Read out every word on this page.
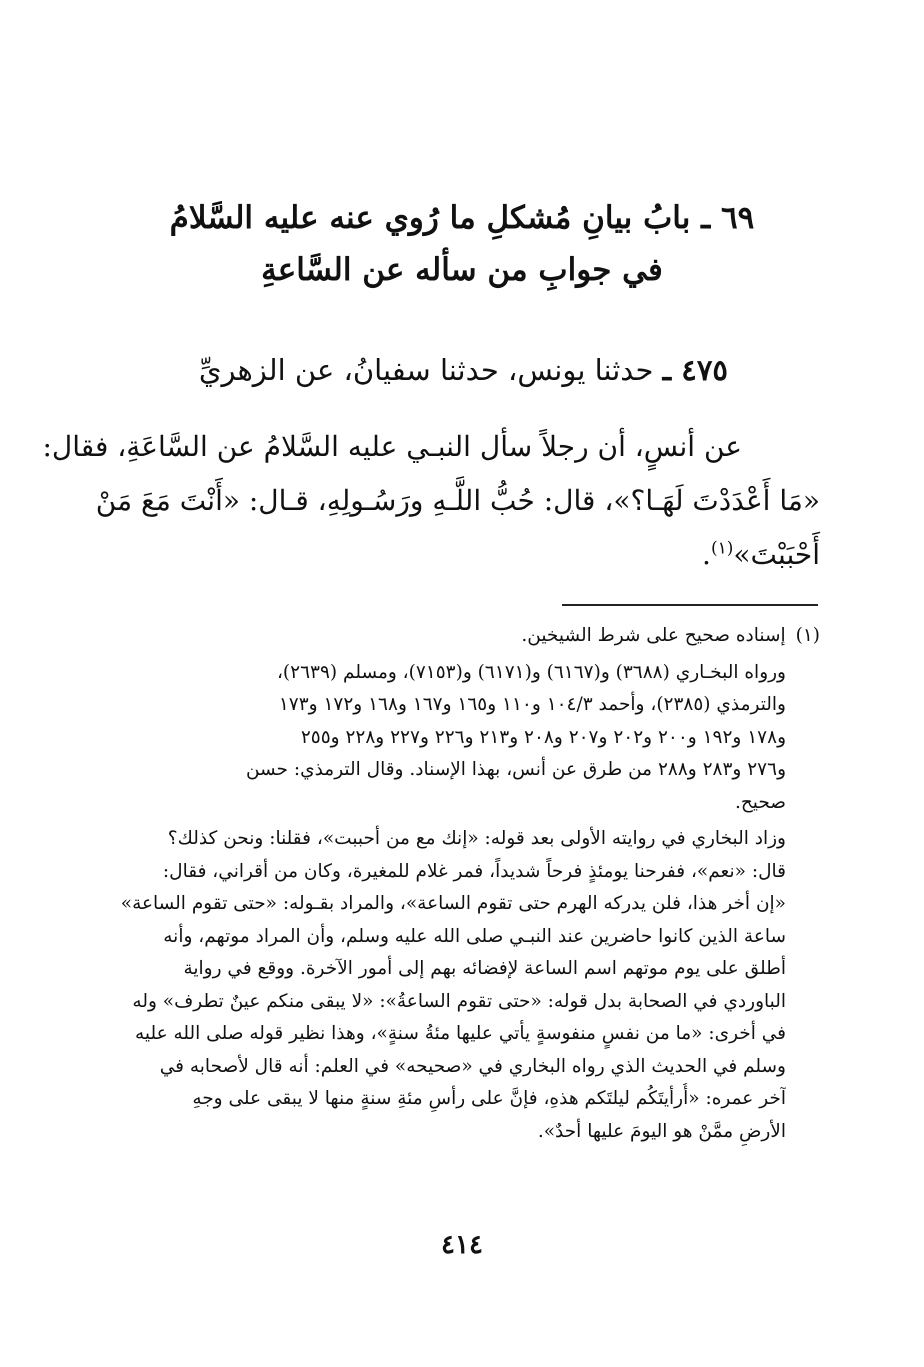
٦٩ ـ بابُ بيانِ مُشكلِ ما رُوي عنه عليه السَّلامُ
في جوابِ من سأله عن السَّاعةِ
٤٧٥ ـ حدثنا يونس، حدثنا سفيانُ، عن الزهريِّ
عن أنسٍ، أن رجلاً سأل النبـي عليه السَّلامُ عن السَّاعَةِ، فقال:
«مَا أَعْدَدْتَ لَهَـا؟»، قال: حُبُّ اللَّـهِ ورَسُـولِهِ، قـال: «أَنْتَ مَعَ مَنْ
أَحْبَبْتَ»$^{(١)}$.
(١)إسناده صحيح على شرط الشيخين.
ورواه البخـاري (٣٦٨٨) و(٦١٦٧) و(٦١٧١) و(٧١٥٣)، ومسلم (٢٦٣٩)،
والترمذي (٢٣٨٥)، وأحمد ١٠٤/٣ و١١٠ و١٦٥ و١٦٧ و١٦٨ و١٧٢ و١٧٣
و١٧٨ و١٩٢ و٢٠٠ و٢٠٢ و٢٠٧ و٢٠٨ و٢١٣ و٢٢٦ و٢٢٧ و٢٢٨ و٢٥٥
و٢٧٦ و٢٨٣ و٢٨٨ من طرق عن أنس، بهذا الإسناد. وقال الترمذي: حسن
صحيح.
وزاد البخاري في روايته الأولى بعد قوله: «إنك مع من أحببت»، فقلنا: ونحن كذلك؟
قال: «نعم»، ففرحنا يومئذٍ فرحاً شديداً، فمر غلام للمغيرة، وكان من أقراني، فقال:
«إن أخر هذا، فلن يدركه الهرم حتى تقوم الساعة»، والمراد بقـوله: «حتى تقوم الساعة»
ساعة الذين كانوا حاضرين عند النبـي صلى الله عليه وسلم، وأن المراد موتهم، وأنه
أطلق على يوم موتهم اسم الساعة لإفضائه بهم إلى أمور الآخرة. ووقع في رواية
الباوردي في الصحابة بدل قوله: «حتى تقوم الساعةُ»: «لا يبقى منكم عينٌ تطرف» وله
في أخرى: «ما من نفسٍ منفوسةٍ يأتي عليها مئةُ سنةٍ»، وهذا نظير قوله صلى الله عليه
وسلم في الحديث الذي رواه البخاري في «صحيحه» في العلم: أنه قال لأصحابه في
آخر عمره: «أُرأيتَكُم ليلتَكم هذهِ، فإنَّ على رأسِ مئةِ سنةٍ منها لا يبقى على وجهِ
الأرضِ ممَّنْ هو اليومَ عليها أحدٌ».
٤١٤
